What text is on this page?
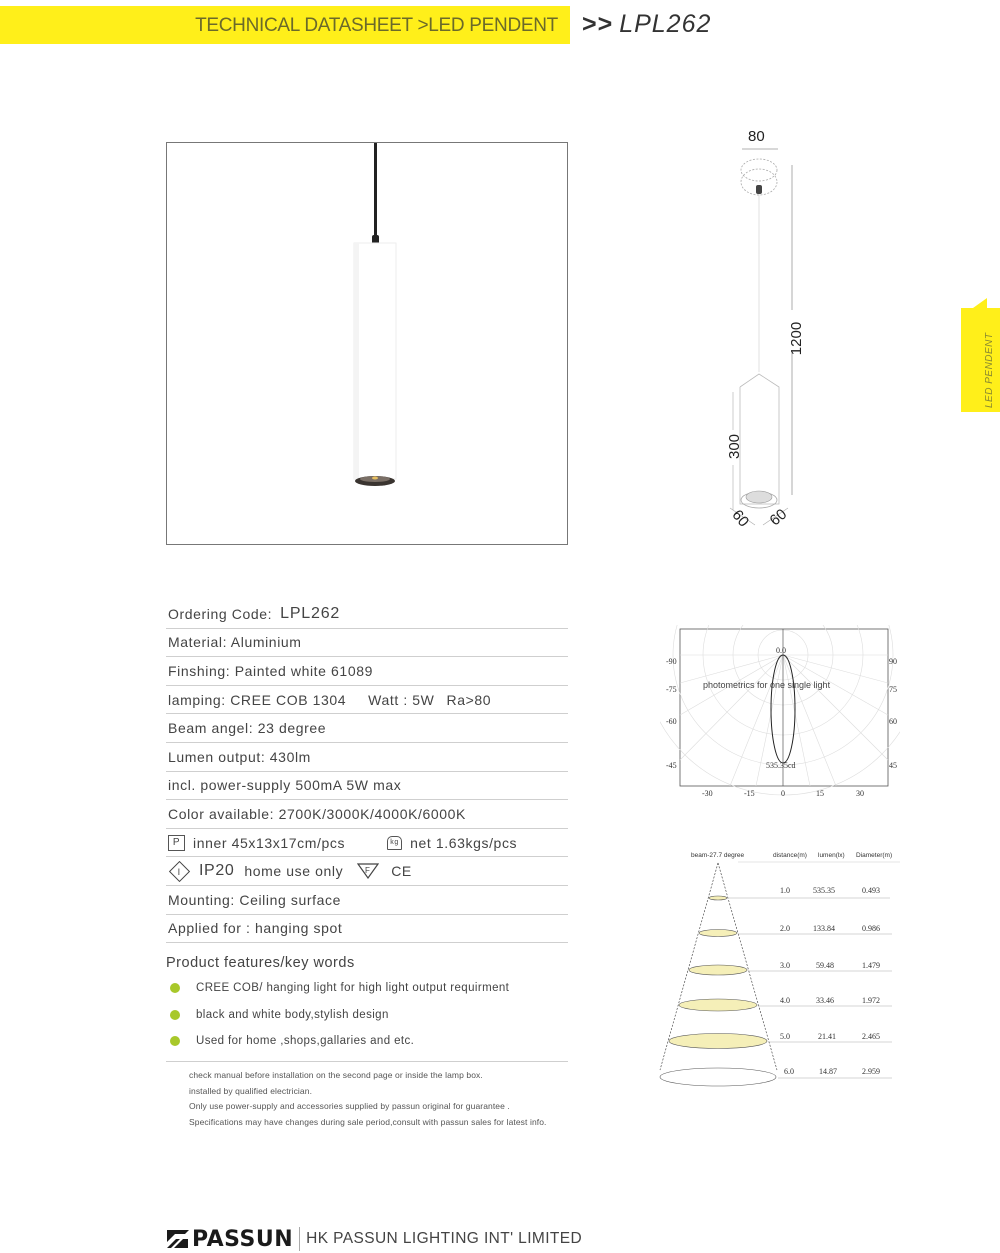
TECHNICAL DATASHEET >LED PENDENT >> LPL262
LED PENDENT
80
1200
300
60 60
Ordering Code: LPL262
Material: Aluminium
Finshing: Painted white 61089
lamping: CREE COB 1304 Watt : 5W Ra>80
Beam angel: 23 degree
Lumen output: 430lm
incl. power-supply 500mA 5W max
Color available: 2700K/3000K/4000K/6000K
P inner 45x13x17cm/pcs	kg net 1.63kgs/pcs
I IP20 home use only	F CE
Mounting: Ceiling surface
Applied for : hanging spot
Product features/key words
CREE COB/ hanging light for high light output requirment
black and white body,stylish design
Used for home ,shops,gallaries and etc.
check manual before installation on the second page or inside the lamp box.
installed by qualified electrician.
Only use power-supply and accessories supplied by passun original for guarantee .
Specifications may have changes during sale period,consult with passun sales for latest info.
0.0
photometrics for one single light
535.35cd
-90
-75
-60
-45
90
75
60
45
-30	-15	0	15	30
beam-27.7 degree	distance(m) lumen(lx) Diameter(m)
1.0	535.35	0.493
2.0	133.84	0.986
3.0	59.48	1.479
4.0	33.46	1.972
5.0	21.41	2.465
6.0	14.87	2.959
PASSUN HK PASSUN LIGHTING INT' LIMITED
